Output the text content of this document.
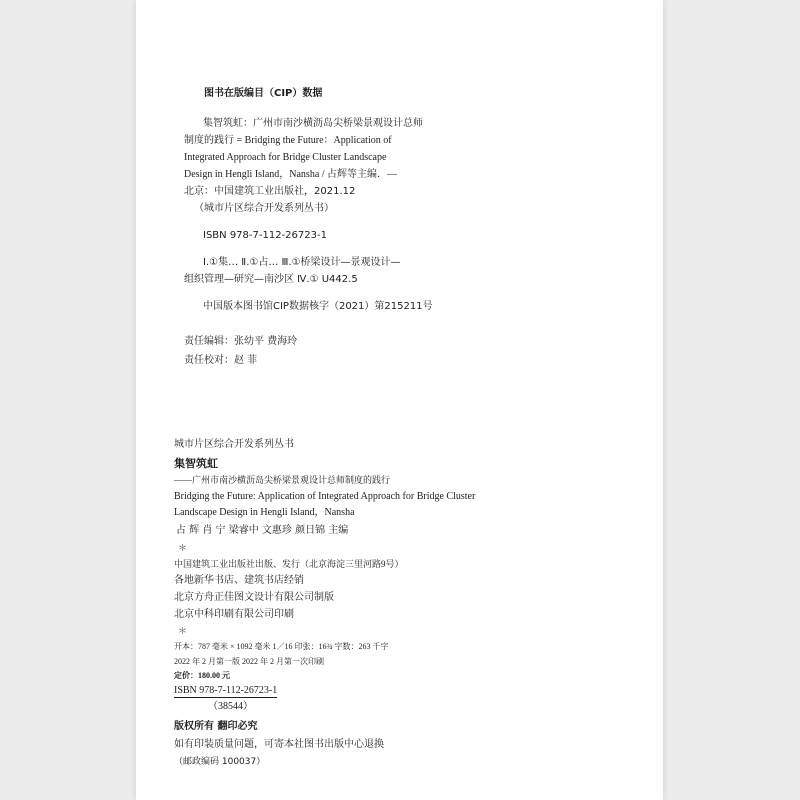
图书在版编目（CIP）数据
集智筑虹：广州市南沙横沥岛尖桥梁景观设计总师
制度的践行 = Bridging the Future：Application of
Integrated Approach for Bridge Cluster Landscape
Design in Hengli Island，Nansha / 占辉等主编．—
北京：中国建筑工业出版社，2021.12
（城市片区综合开发系列丛书）
ISBN 978-7-112-26723-1
Ⅰ.①集… Ⅱ.①占… Ⅲ.①桥梁设计—景观设计—
组织管理—研究—南沙区 Ⅳ.① U442.5
中国版本图书馆CIP数据核字（2021）第215211号
责任编辑：张幼平 费海玲
责任校对：赵 菲
城市片区综合开发系列丛书
集智筑虹
——广州市南沙横沥岛尖桥梁景观设计总师制度的践行
Bridging the Future: Application of Integrated Approach for Bridge Cluster
Landscape Design in Hengli Island，Nansha
占 辉 肖 宁 梁睿中 文惠珍 颜日锦 主编
＊
中国建筑工业出版社出版、发行（北京海淀三里河路9号）
各地新华书店、建筑书店经销
北京方舟正佳图文设计有限公司制版
北京中科印刷有限公司印刷
＊
开本：787 毫米 × 1092 毫米 1／16 印张：16¾ 字数：263 千字
2022 年 2 月第一版 2022 年 2 月第一次印刷
定价：180.00 元
ISBN 978-7-112-26723-1
（38544）
版权所有 翻印必究
如有印装质量问题，可寄本社图书出版中心退换
（邮政编码 100037）
